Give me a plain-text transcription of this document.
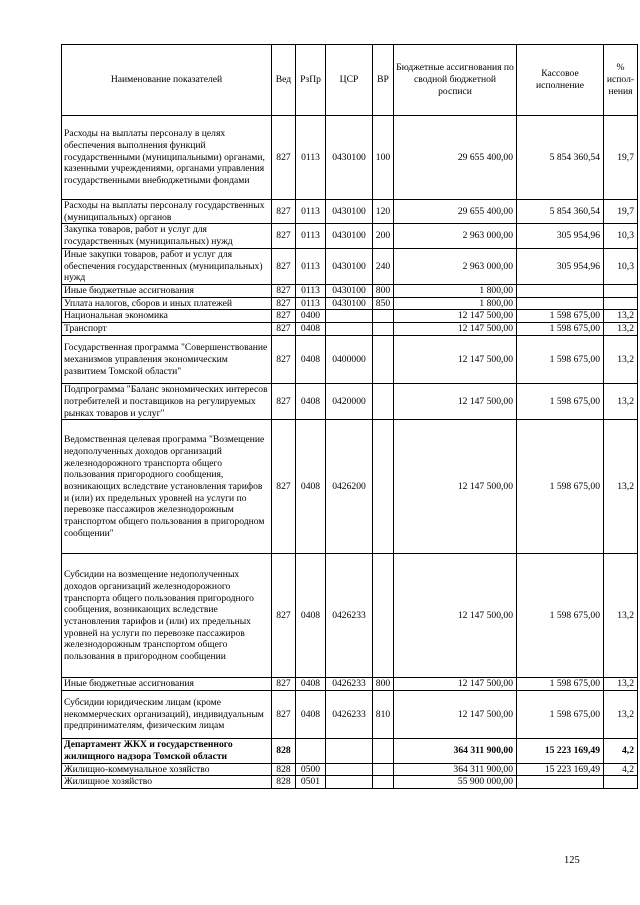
Наименование показателей	Вед	РзПр	ЦСР	ВР	Бюджетные ассигнования по сводной бюджетной росписи	Кассовое исполнение	% испол-нения
Расходы на выплаты персоналу в целях обеспечения выполнения функций государственными (муниципальными) органами, казенными учреждениями, органами управления государственными внебюджетными фондами	827	0113	0430100	100	29 655 400,00	5 854 360,54	19,7
Расходы на выплаты персоналу государственных (муниципальных) органов	827	0113	0430100	120	29 655 400,00	5 854 360,54	19,7
Закупка товаров, работ и услуг для государственных (муниципальных) нужд	827	0113	0430100	200	2 963 000,00	305 954,96	10,3
Иные закупки товаров, работ и услуг для обеспечения государственных (муниципальных) нужд	827	0113	0430100	240	2 963 000,00	305 954,96	10,3
Иные бюджетные ассигнования	827	0113	0430100	800	1 800,00		
Уплата налогов, сборов и иных платежей	827	0113	0430100	850	1 800,00		
Национальная экономика	827	0400			12 147 500,00	1 598 675,00	13,2
Транспорт	827	0408			12 147 500,00	1 598 675,00	13,2
Государственная программа "Совершенствование механизмов управления экономическим развитием Томской области"	827	0408	0400000		12 147 500,00	1 598 675,00	13,2
Подпрограмма "Баланс экономических интересов потребителей и поставщиков на регулируемых рынках товаров и услуг"	827	0408	0420000		12 147 500,00	1 598 675,00	13,2
Ведомственная целевая программа "Возмещение недополученных доходов организаций железнодорожного транспорта общего пользования пригородного сообщения, возникающих вследствие установления тарифов и (или) их предельных уровней на услуги по перевозке пассажиров железнодорожным транспортом общего пользования в пригородном сообщении"	827	0408	0426200		12 147 500,00	1 598 675,00	13,2
Субсидии на возмещение недополученных доходов организаций железнодорожного транспорта общего пользования пригородного сообщения, возникающих вследствие установления тарифов и (или) их предельных уровней на услуги по перевозке пассажиров железнодорожным транспортом общего пользования в пригородном сообщении	827	0408	0426233		12 147 500,00	1 598 675,00	13,2
Иные бюджетные ассигнования	827	0408	0426233	800	12 147 500,00	1 598 675,00	13,2
Субсидии юридическим лицам (кроме некоммерческих организаций), индивидуальным предпринимателям, физическим лицам	827	0408	0426233	810	12 147 500,00	1 598 675,00	13,2
Департамент ЖКХ и государственного жилищного надзора Томской области	828				364 311 900,00	15 223 169,49	4,2
Жилищно-коммунальное хозяйство	828	0500			364 311 900,00	15 223 169,49	4,2
Жилищное хозяйство	828	0501			55 900 000,00		
125
